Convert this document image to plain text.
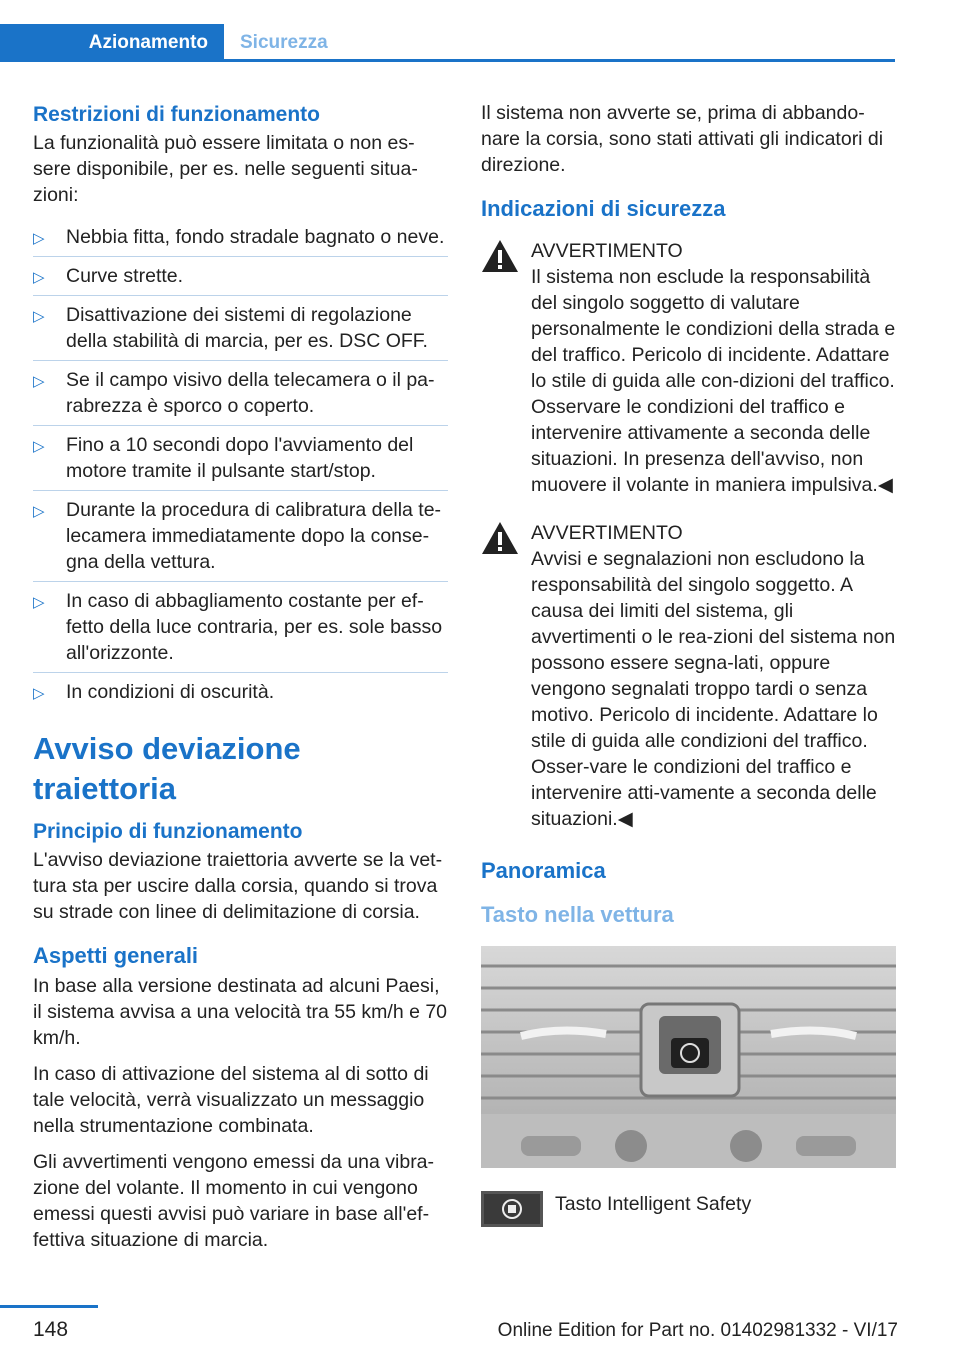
Azionamento	Sicurezza
Restrizioni di funzionamento

La funzionalità può essere limitata o non es‐sere disponibile, per es. nelle seguenti situa‐zioni:

▷ Nebbia fitta, fondo stradale bagnato o neve.
▷ Curve strette.
▷ Disattivazione dei sistemi di regolazione della stabilità di marcia, per es. DSC OFF.
▷ Se il campo visivo della telecamera o il pa‐rabrezza è sporco o coperto.
▷ Fino a 10 secondi dopo l'avviamento del motore tramite il pulsante start/stop.
▷ Durante la procedura di calibratura della te‐lecamera immediatamente dopo la conse‐gna della vettura.
▷ In caso di abbagliamento costante per ef‐fetto della luce contraria, per es. sole basso all'orizzonte.
▷ In condizioni di oscurità.
Avviso deviazione traiettoria
Principio di funzionamento

L'avviso deviazione traiettoria avverte se la vet‐tura sta per uscire dalla corsia, quando si trova su strade con linee di delimitazione di corsia.

Aspetti generali

In base alla versione destinata ad alcuni Paesi, il sistema avvisa a una velocità tra 55 km/h e 70 km/h.

In caso di attivazione del sistema al di sotto di tale velocità, verrà visualizzato un messaggio nella strumentazione combinata.

Gli avvertimenti vengono emessi da una vibra‐zione del volante. Il momento in cui vengono emessi questi avvisi può variare in base all'ef‐fettiva situazione di marcia.

Il sistema non avverte se, prima di abbando‐nare la corsia, sono stati attivati gli indicatori di direzione.

Indicazioni di sicurezza
AVVERTIMENTO
Il sistema non esclude la responsabilità del singolo soggetto di valutare personalmente le condizioni della strada e del traffico. Pericolo di incidente. Adattare lo stile di guida alle con‐dizioni del traffico. Osservare le condizioni del traffico e intervenire attivamente a seconda delle situazioni. In presenza dell'avviso, non muovere il volante in maniera impulsiva.◀
AVVERTIMENTO
Avvisi e segnalazioni non escludono la responsabilità del singolo soggetto. A causa dei limiti del sistema, gli avvertimenti o le rea‐zioni del sistema non possono essere segna‐lati, oppure vengono segnalati troppo tardi o senza motivo. Pericolo di incidente. Adattare lo stile di guida alle condizioni del traffico. Osser‐vare le condizioni del traffico e intervenire atti‐vamente a seconda delle situazioni.◀
Panoramica
Tasto nella vettura
Tasto Intelligent Safety
148	Online Edition for Part no. 01402981332 - VI/17
